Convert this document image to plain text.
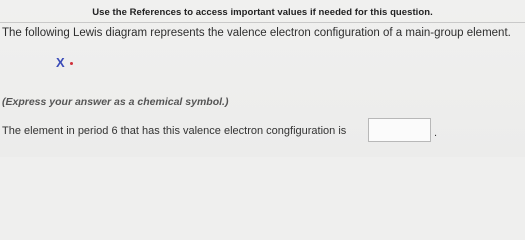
Use the References to access important values if needed for this question.
The following Lewis diagram represents the valence electron configuration of a main-group element.
X
(Express your answer as a chemical symbol.)
The element in period 6 that has this valence electron congfiguration is	.
